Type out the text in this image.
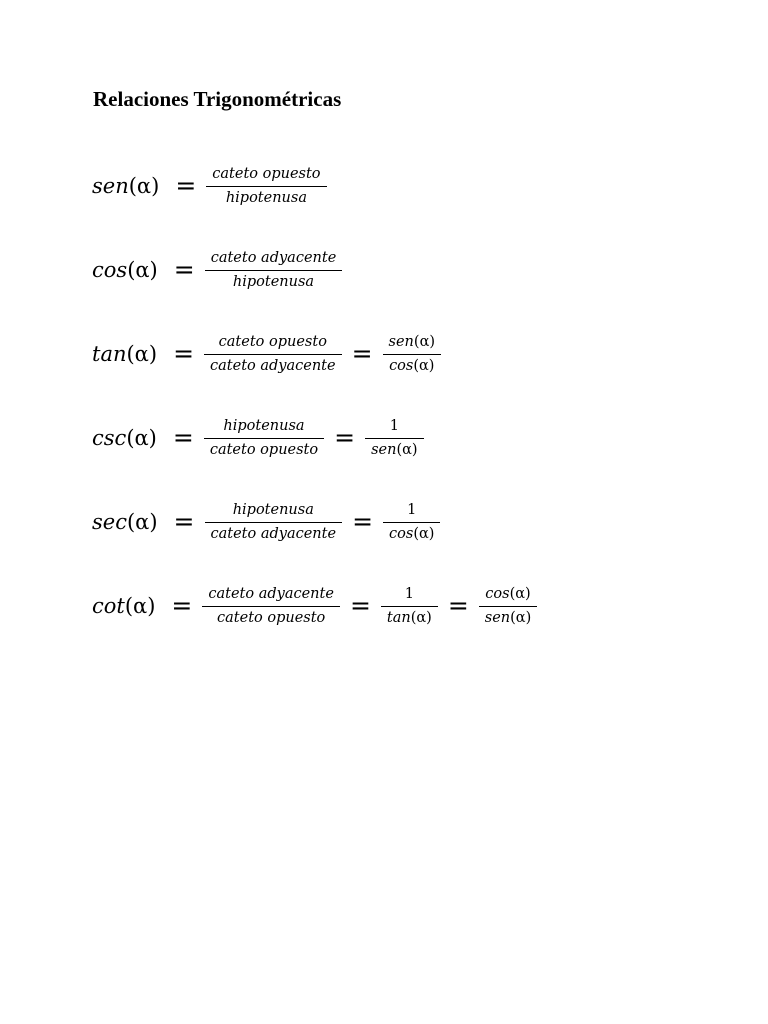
Relaciones Trigonométricas
sen $(\alpha) = \frac{\text{cateto opuesto}}{\text{hipotenusa}}$
$\cos (\alpha) = \frac{\text{cateto adyacente}}{\text{hipotenusa}}$
$\tan (\alpha) = \frac{\text{cateto opuesto}}{\text{cateto adyacente}} = \frac{\text{sen(α)}}{\cos(\alpha)}$
$\csc (\alpha) = \frac{\text{hipotenusa}}{\text{cateto opuesto}} = \frac{1}{\text{sen(α)}}$
$\sec (\alpha) = \frac{\text{hipotenusa}}{\text{cateto adyacente}} = \frac{1}{\cos(\alpha)}$
$\cot (\alpha) = \frac{\text{cateto adyacente}}{\text{cateto opuesto}} = \frac{1}{\tan(\alpha)} = \frac{\cos(\alpha)}{\text{sen(α)}}$
